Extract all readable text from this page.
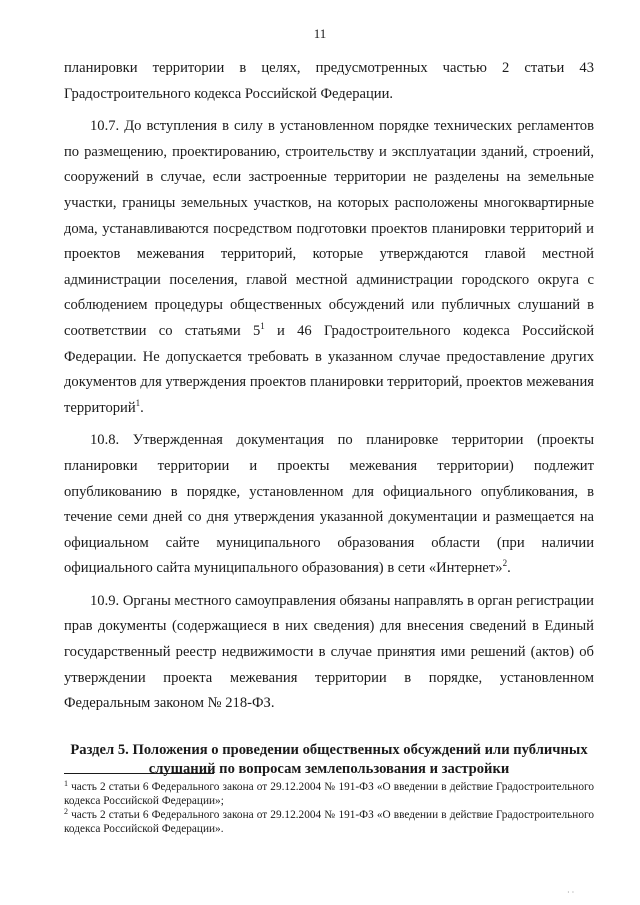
11

планировки территории в целях, предусмотренных частью 2 статьи 43 Градостроительного кодекса Российской Федерации.

10.7. До вступления в силу в установленном порядке технических регламентов по размещению, проектированию, строительству и эксплуатации зданий, строений, сооружений в случае, если застроенные территории не разделены на земельные участки, границы земельных участков, на которых расположены многоквартирные дома, устанавливаются посредством подготовки проектов планировки территорий и проектов межевания территорий, которые утверждаются главой местной администрации поселения, главой местной администрации городского округа с соблюдением процедуры общественных обсуждений или публичных слушаний в соответствии со статьями $5^1$ и 46 Градостроительного кодекса Российской Федерации. Не допускается требовать в указанном случае предоставление других документов для утверждения проектов планировки территорий, проектов межевания территорий$^1$.

10.8. Утвержденная документация по планировке территории (проекты планировки территории и проекты межевания территории) подлежит опубликованию в порядке, установленном для официального опубликования, в течение семи дней со дня утверждения указанной документации и размещается на официальном сайте муниципального образования области (при наличии официального сайта муниципального образования) в сети «Интернет»$^2$.

10.9. Органы местного самоуправления обязаны направлять в орган регистрации прав документы (содержащиеся в них сведения) для внесения сведений в Единый государственный реестр недвижимости в случае принятия ими решений (актов) об утверждении проекта межевания территории в порядке, установленном Федеральным законом № 218-ФЗ.

Раздел 5. Положения о проведении общественных обсуждений или публичных слушаний по вопросам землепользования и застройки

$^1$ часть 2 статьи 6 Федерального закона от 29.12.2004 № 191-ФЗ «О введении в действие Градостроительного кодекса Российской Федерации»;

$^2$ часть 2 статьи 6 Федерального закона от 29.12.2004 № 191-ФЗ «О введении в действие Градостроительного кодекса Российской Федерации».

· ·
